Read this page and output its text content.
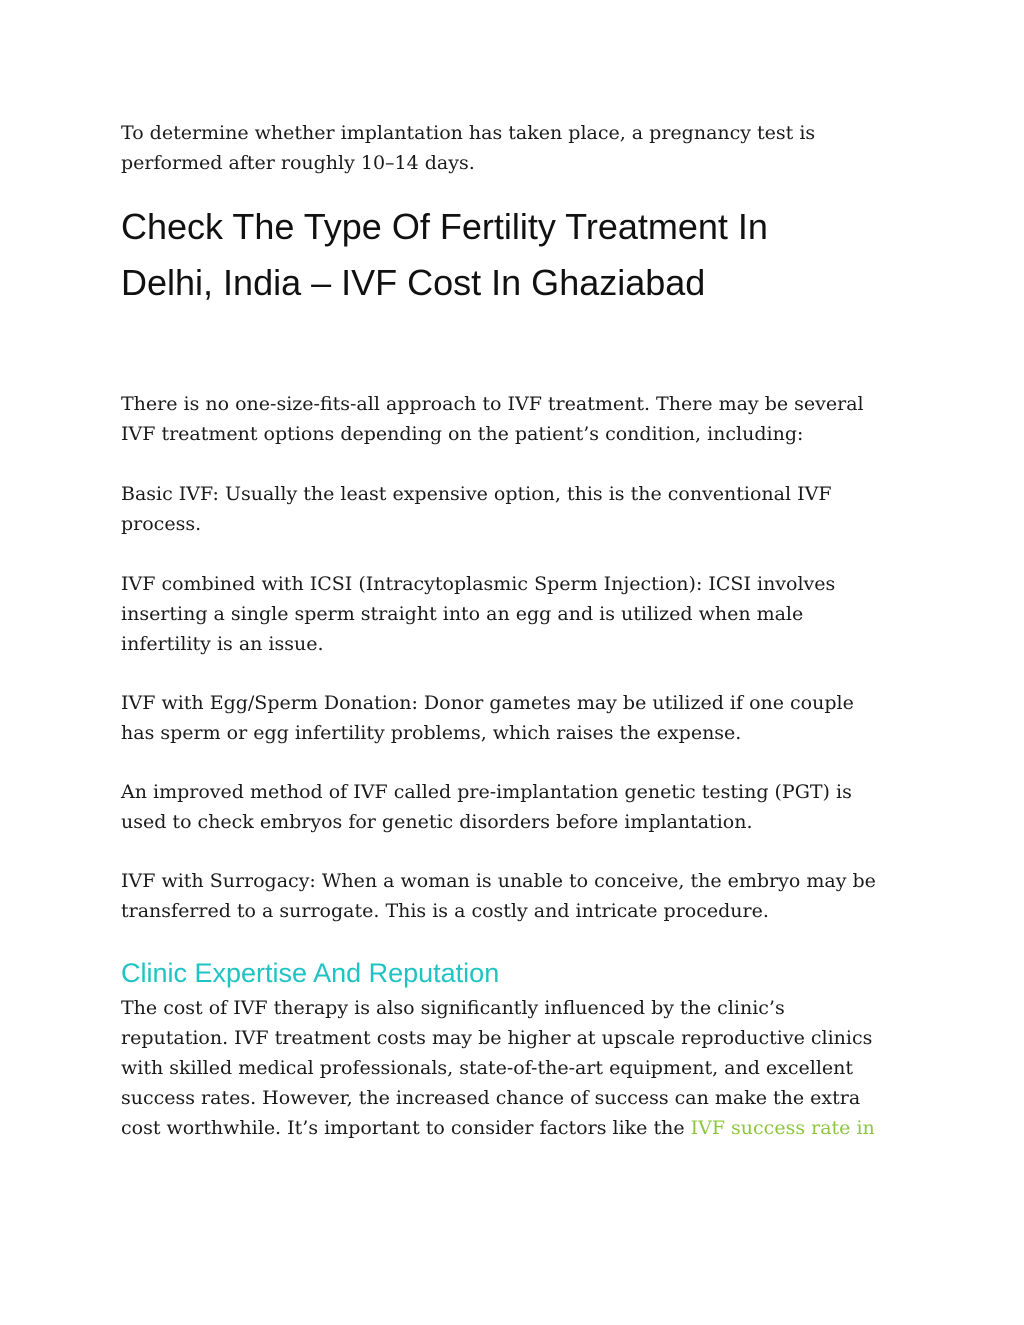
To determine whether implantation has taken place, a pregnancy test is
performed after roughly 10–14 days.

Check The Type Of Fertility Treatment In
Delhi, India – IVF Cost In Ghaziabad

There is no one-size-fits-all approach to IVF treatment. There may be several
IVF treatment options depending on the patient’s condition, including:

Basic IVF: Usually the least expensive option, this is the conventional IVF
process.

IVF combined with ICSI (Intracytoplasmic Sperm Injection): ICSI involves
inserting a single sperm straight into an egg and is utilized when male
infertility is an issue.

IVF with Egg/Sperm Donation: Donor gametes may be utilized if one couple
has sperm or egg infertility problems, which raises the expense.

An improved method of IVF called pre-implantation genetic testing (PGT) is
used to check embryos for genetic disorders before implantation.

IVF with Surrogacy: When a woman is unable to conceive, the embryo may be
transferred to a surrogate. This is a costly and intricate procedure.

Clinic Expertise And Reputation

The cost of IVF therapy is also significantly influenced by the clinic’s
reputation. IVF treatment costs may be higher at upscale reproductive clinics
with skilled medical professionals, state-of-the-art equipment, and excellent
success rates. However, the increased chance of success can make the extra
cost worthwhile. It’s important to consider factors like the IVF success rate in
